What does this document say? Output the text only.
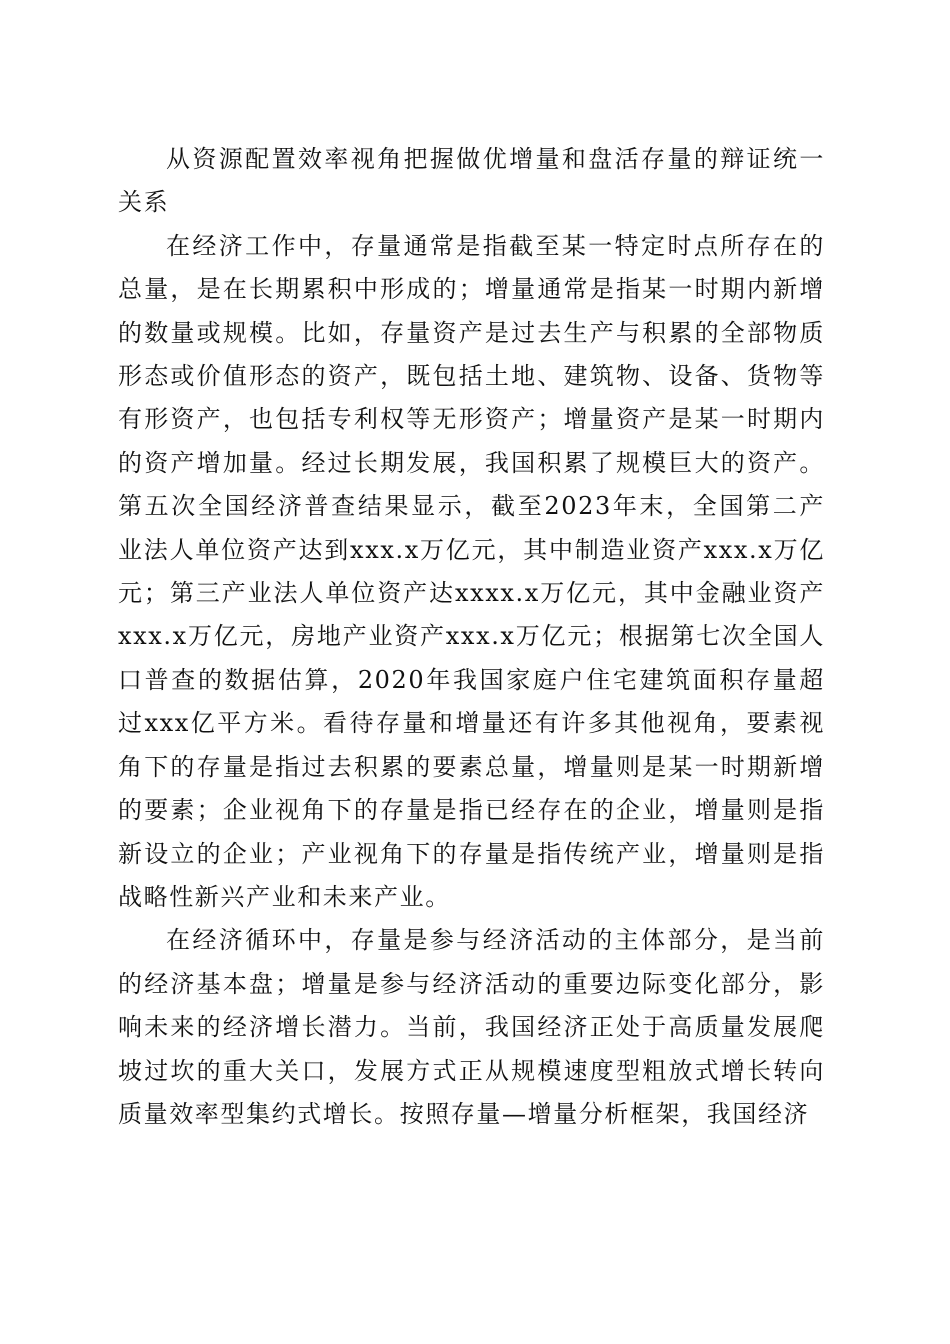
从资源配置效率视角把握做优增量和盘活存量的辩证统一关系

在经济工作中，存量通常是指截至某一特定时点所存在的总量，是在长期累积中形成的；增量通常是指某一时期内新增的数量或规模。比如，存量资产是过去生产与积累的全部物质形态或价值形态的资产，既包括土地、建筑物、设备、货物等有形资产，也包括专利权等无形资产；增量资产是某一时期内的资产增加量。经过长期发展，我国积累了规模巨大的资产。第五次全国经济普查结果显示，截至2023年末，全国第二产业法人单位资产达到xxx.x万亿元，其中制造业资产xxx.x万亿元；第三产业法人单位资产达xxxx.x万亿元，其中金融业资产xxx.x万亿元，房地产业资产xxx.x万亿元；根据第七次全国人口普查的数据估算，2020年我国家庭户住宅建筑面积存量超过xxx亿平方米。看待存量和增量还有许多其他视角，要素视角下的存量是指过去积累的要素总量，增量则是某一时期新增的要素；企业视角下的存量是指已经存在的企业，增量则是指新设立的企业；产业视角下的存量是指传统产业，增量则是指战略性新兴产业和未来产业。

在经济循环中，存量是参与经济活动的主体部分，是当前的经济基本盘；增量是参与经济活动的重要边际变化部分，影响未来的经济增长潜力。当前，我国经济正处于高质量发展爬坡过坎的重大关口，发展方式正从规模速度型粗放式增长转向质量效率型集约式增长。按照存量—增量分析框架，我国经济
